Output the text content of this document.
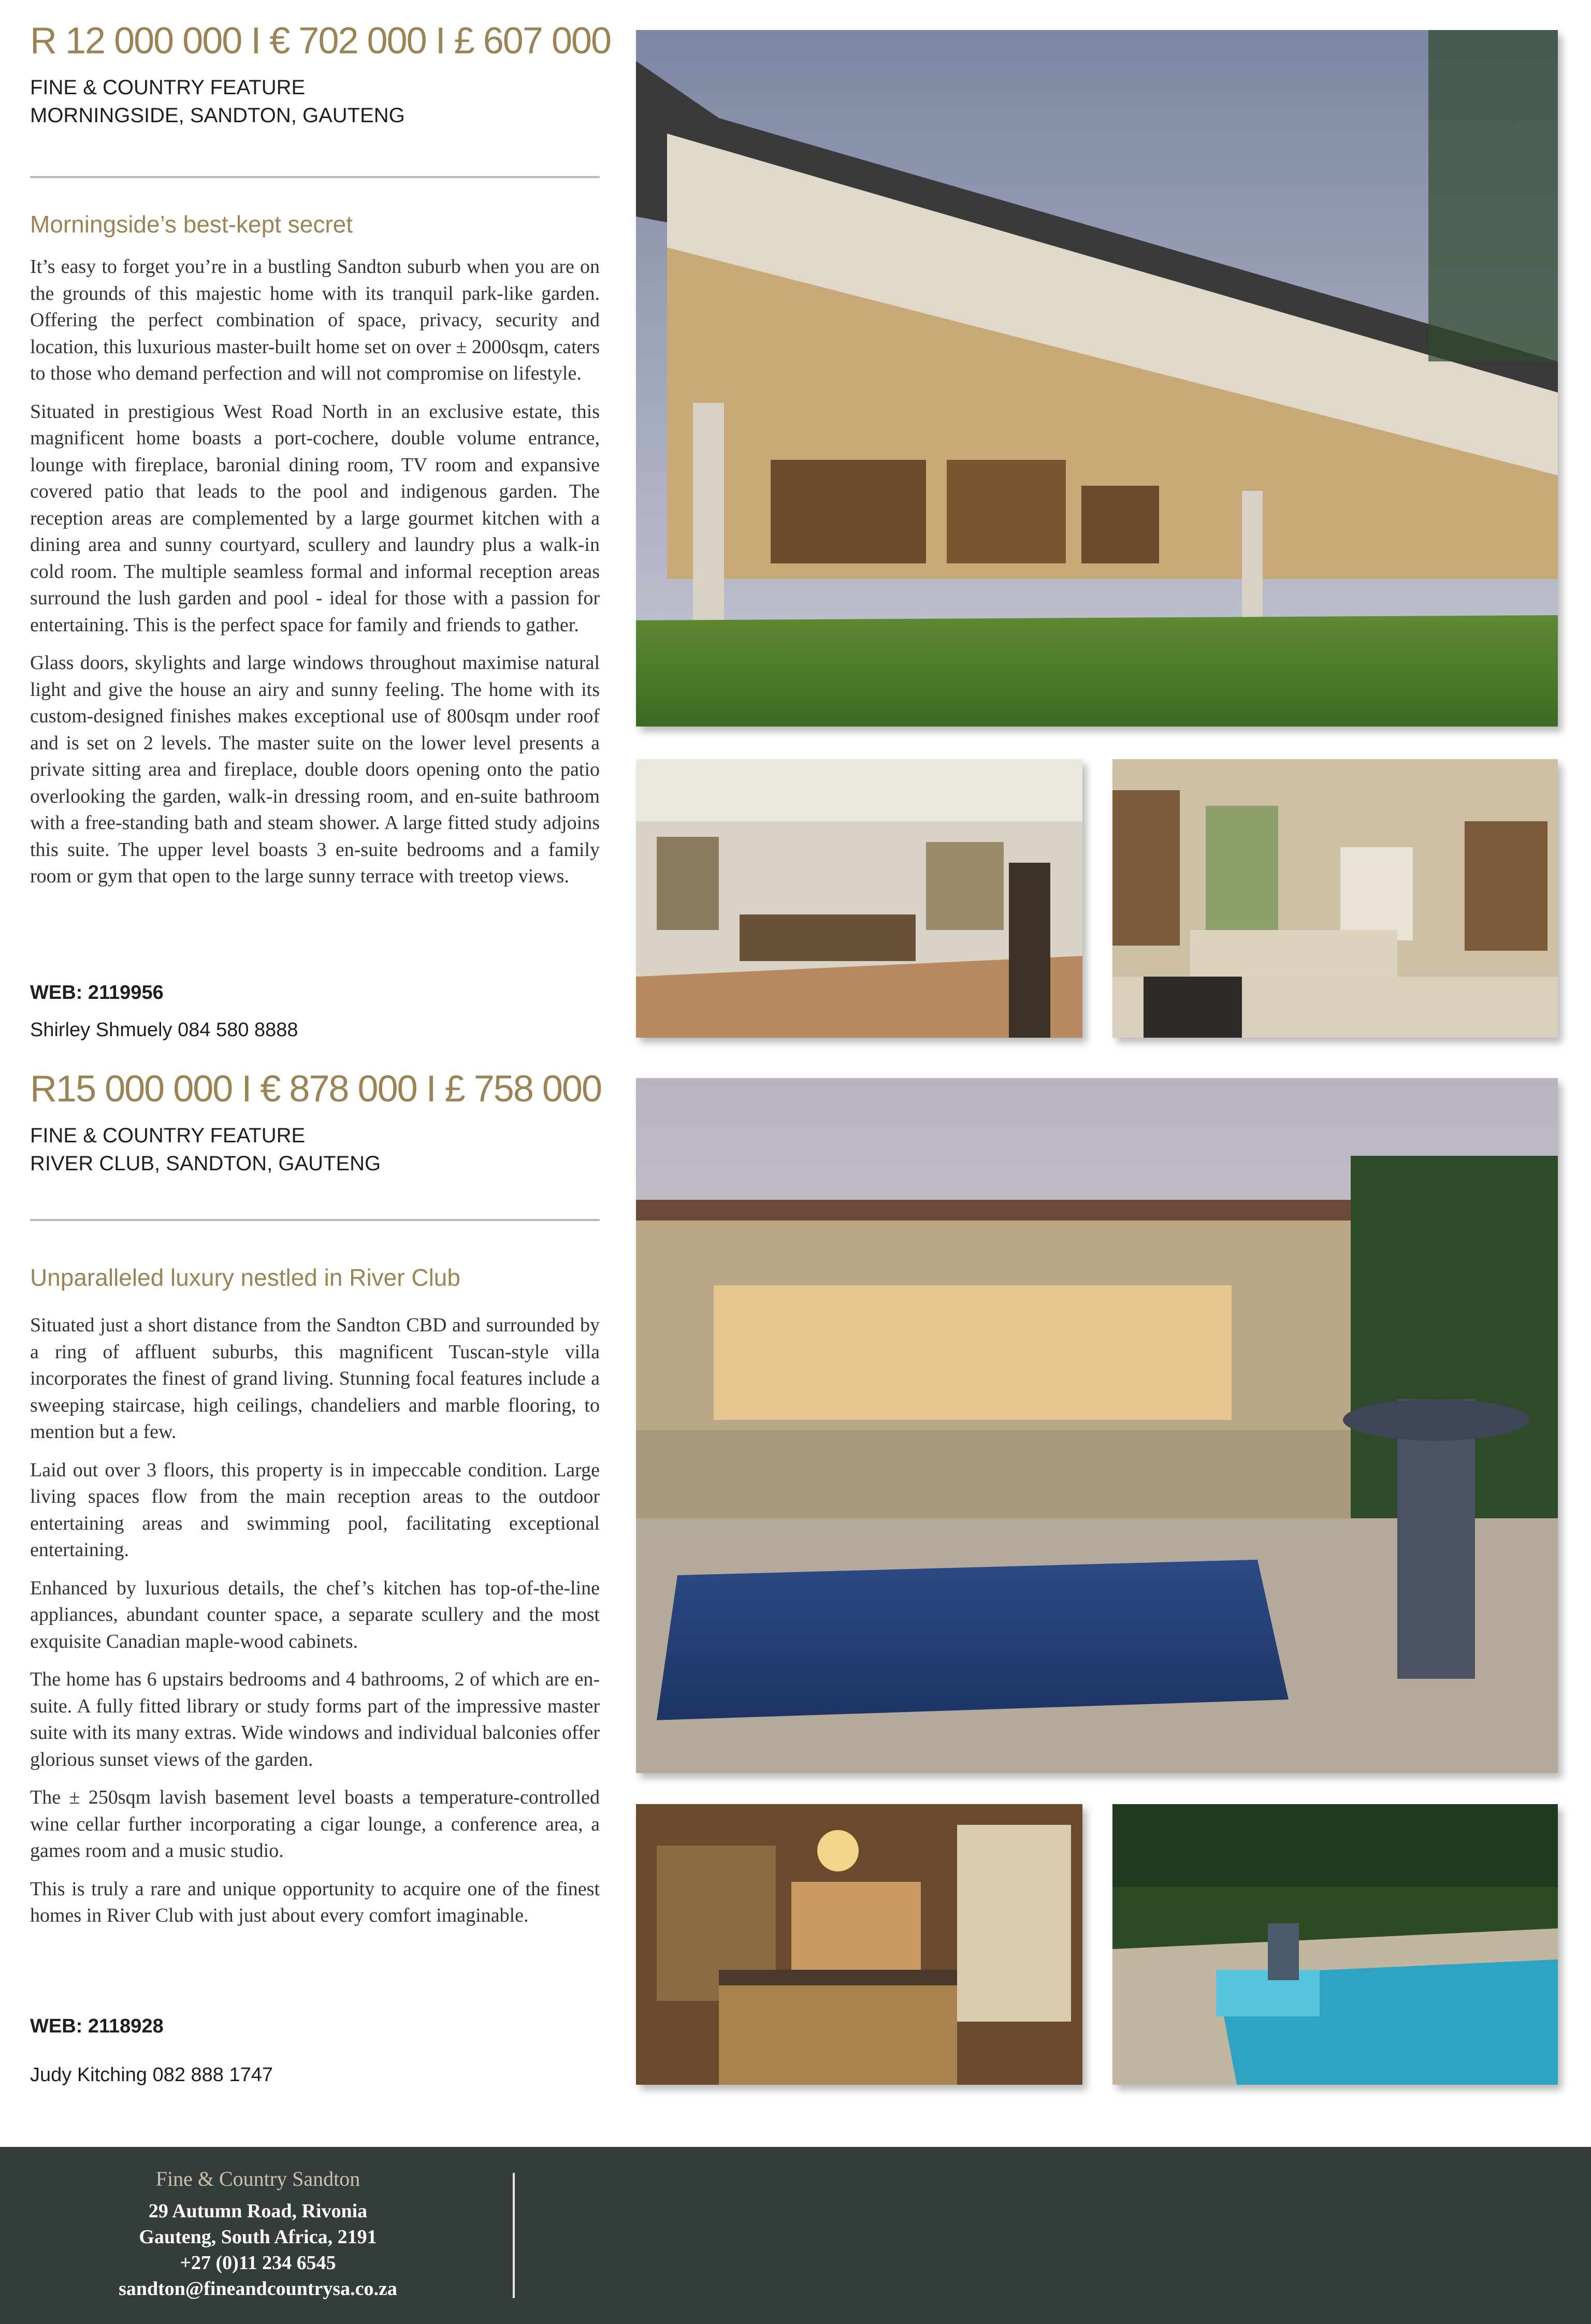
R 12 000 000 I € 702 000 I £ 607 000

FINE & COUNTRY FEATURE

MORNINGSIDE, SANDTON, GAUTENG

Morningside’s best-kept secret

It’s easy to forget you’re in a bustling Sandton suburb when you are on the grounds of this majestic home with its tranquil park-like garden. Offering the perfect combination of space, privacy, security and location, this luxurious master-built home set on over ± 2000sqm, caters to those who demand perfection and will not compromise on lifestyle.

Situated in prestigious West Road North in an exclusive estate, this magnificent home boasts a port-cochere, double volume entrance, lounge with fireplace, baronial dining room, TV room and expansive covered patio that leads to the pool and indigenous garden. The reception areas are complemented by a large gourmet kitchen with a dining area and sunny courtyard, scullery and laundry plus a walk-in cold room. The multiple seamless formal and informal reception areas surround the lush garden and pool - ideal for those with a passion for entertaining. This is the perfect space for family and friends to gather.

Glass doors, skylights and large windows throughout maximise natural light and give the house an airy and sunny feeling. The home with its custom-designed finishes makes exceptional use of 800sqm under roof and is set on 2 levels. The master suite on the lower level presents a private sitting area and fireplace, double doors opening onto the patio overlooking the garden, walk-in dressing room, and en-suite bathroom with a free-standing bath and steam shower. A large fitted study adjoins this suite. The upper level boasts 3 en-suite bedrooms and a family room or gym that open to the large sunny terrace with treetop views.

WEB: 2119956

Shirley Shmuely 084 580 8888

R15 000 000 I € 878 000 I £ 758 000

FINE & COUNTRY FEATURE

RIVER CLUB, SANDTON, GAUTENG

Unparalleled luxury nestled in River Club

Situated just a short distance from the Sandton CBD and surrounded by a ring of affluent suburbs, this magnificent Tuscan-style villa incorporates the finest of grand living. Stunning focal features include a sweeping staircase, high ceilings, chandeliers and marble flooring, to mention but a few.

Laid out over 3 floors, this property is in impeccable condition. Large living spaces flow from the main reception areas to the outdoor entertaining areas and swimming pool, facilitating exceptional entertaining.

Enhanced by luxurious details, the chef’s kitchen has top-of-the-line appliances, abundant counter space, a separate scullery and the most exquisite Canadian maple-wood cabinets.

The home has 6 upstairs bedrooms and 4 bathrooms, 2 of which are en-suite. A fully fitted library or study forms part of the impressive master suite with its many extras. Wide windows and individual balconies offer glorious sunset views of the garden.

The ± 250sqm lavish basement level boasts a temperature-controlled wine cellar further incorporating a cigar lounge, a conference area, a games room and a music studio.

This is truly a rare and unique opportunity to acquire one of the finest homes in River Club with just about every comfort imaginable.

WEB: 2118928

Judy Kitching 082 888 1747

Fine & Country Sandton

29 Autumn Road, Rivonia

Gauteng, South Africa, 2191

+27 (0)11 234 6545

sandton@fineandcountrysa.co.za
